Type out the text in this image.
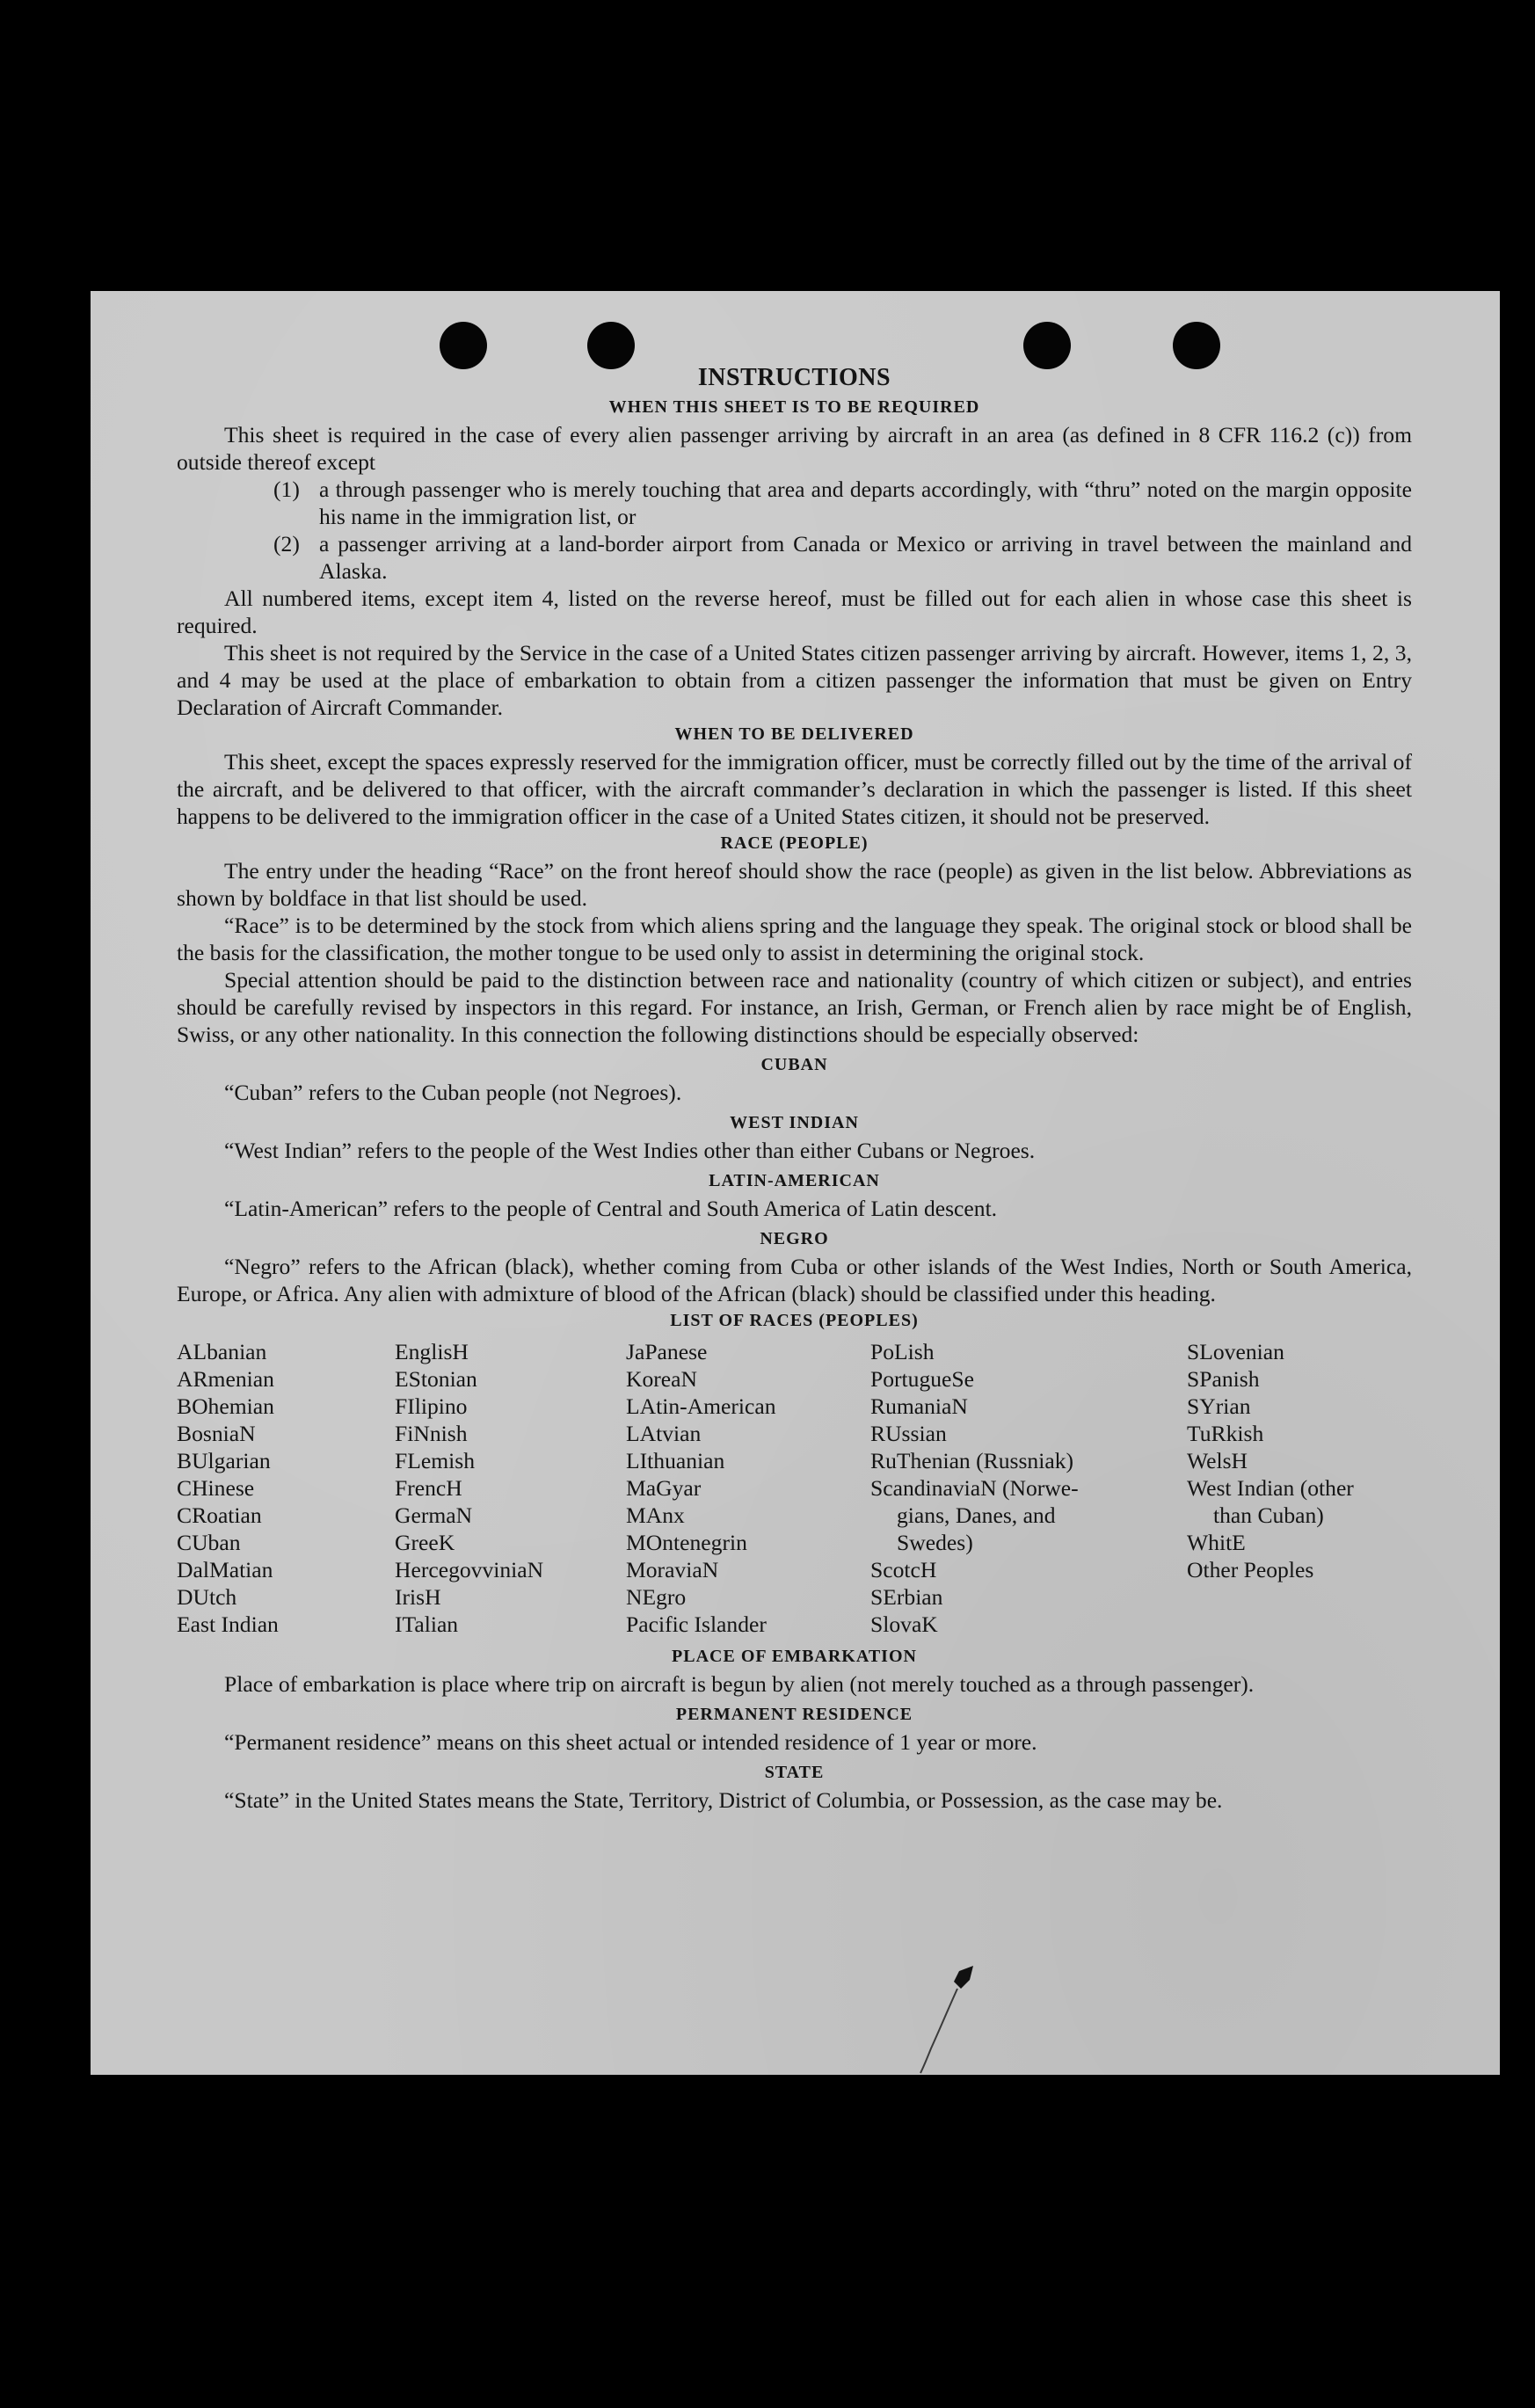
INSTRUCTIONS
WHEN THIS SHEET IS TO BE REQUIRED

This sheet is required in the case of every alien passenger arriving by aircraft in an area (as defined in 8 CFR 116.2 (c)) from outside thereof except

(1) a through passenger who is merely touching that area and departs accordingly, with “thru” noted on the margin opposite his name in the immigration list, or
(2) a passenger arriving at a land-border airport from Canada or Mexico or arriving in travel between the mainland and Alaska.

All numbered items, except item 4, listed on the reverse hereof, must be filled out for each alien in whose case this sheet is required.

This sheet is not required by the Service in the case of a United States citizen passenger arriving by aircraft. However, items 1, 2, 3, and 4 may be used at the place of embarkation to obtain from a citizen passenger the information that must be given on Entry Declaration of Aircraft Commander.

WHEN TO BE DELIVERED

This sheet, except the spaces expressly reserved for the immigration officer, must be correctly filled out by the time of the arrival of the aircraft, and be delivered to that officer, with the aircraft commander’s declaration in which the passenger is listed. If this sheet happens to be delivered to the immigration officer in the case of a United States citizen, it should not be preserved.

RACE (PEOPLE)

The entry under the heading “Race” on the front hereof should show the race (people) as given in the list below. Abbreviations as shown by boldface in that list should be used.

“Race” is to be determined by the stock from which aliens spring and the language they speak. The original stock or blood shall be the basis for the classification, the mother tongue to be used only to assist in determining the original stock.

Special attention should be paid to the distinction between race and nationality (country of which citizen or subject), and entries should be carefully revised by inspectors in this regard. For instance, an Irish, German, or French alien by race might be of English, Swiss, or any other nationality. In this connection the following distinctions should be especially observed:

CUBAN

“Cuban” refers to the Cuban people (not Negroes).

WEST INDIAN

“West Indian” refers to the people of the West Indies other than either Cubans or Negroes.

LATIN-AMERICAN

“Latin-American” refers to the people of Central and South America of Latin descent.

NEGRO

“Negro” refers to the African (black), whether coming from Cuba or other islands of the West Indies, North or South America, Europe, or Africa. Any alien with admixture of blood of the African (black) should be classified under this heading.

LIST OF RACES (PEOPLES)
ALbanian
ARmenian
BOhemian
BosniaN
BUlgarian
CHinese
CRoatian
CUban
DalMatian
DUtch
East Indian
EnglisH
EStonian
FIlipino
FiNnish
FLemish
FrencH
GermaN
GreeK
HercegovviniaN
IrisH
ITalian
JaPanese
KoreaN
LAtin-American
LAtvian
LIthuanian
MaGyar
MAnx
MOntenegrin
MoraviaN
NEgro
Pacific Islander
PoLish
PortugueSe
RumaniaN
RUssian
RuThenian (Russniak)
ScandinaviaN (Norwe-
gians, Danes, and
Swedes)
ScotcH
SErbian
SlovaK
SLovenian
SPanish
SYrian
TuRkish
WelsH
West Indian (other
than Cuban)
WhitE
Other Peoples
PLACE OF EMBARKATION

Place of embarkation is place where trip on aircraft is begun by alien (not merely touched as a through passenger).

PERMANENT RESIDENCE

“Permanent residence” means on this sheet actual or intended residence of 1 year or more.

STATE

“State” in the United States means the State, Territory, District of Columbia, or Possession, as the case may be.
